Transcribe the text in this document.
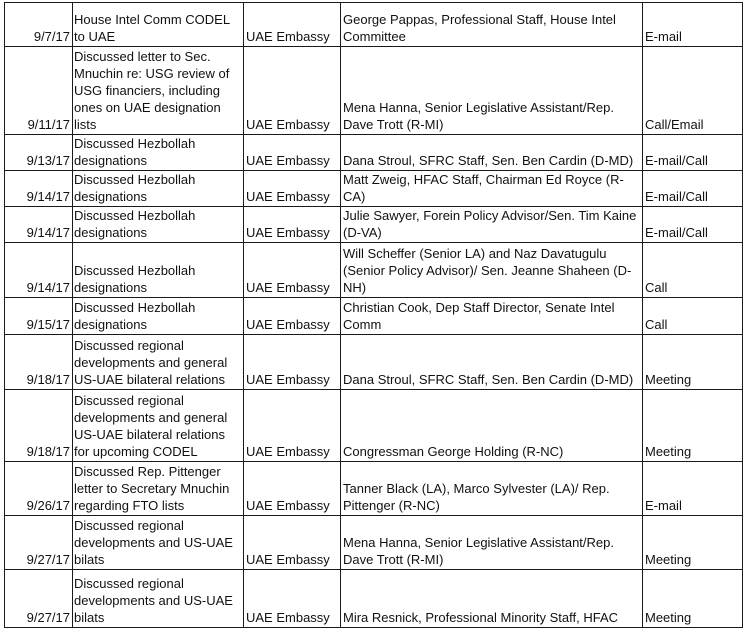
9/7/17	House Intel Comm CODEL to UAE	UAE Embassy	George Pappas, Professional Staff, House Intel Committee	E-mail
9/11/17	Discussed letter to Sec. Mnuchin re: USG review of USG financiers, including ones on UAE designation lists	UAE Embassy	Mena Hanna, Senior Legislative Assistant/Rep. Dave Trott (R-MI)	Call/Email
9/13/17	Discussed Hezbollah designations	UAE Embassy	Dana Stroul, SFRC Staff, Sen. Ben Cardin (D-MD)	E-mail/Call
9/14/17	Discussed Hezbollah designations	UAE Embassy	Matt Zweig, HFAC Staff, Chairman Ed Royce (R-CA)	E-mail/Call
9/14/17	Discussed Hezbollah designations	UAE Embassy	Julie Sawyer, Forein Policy Advisor/Sen. Tim Kaine (D-VA)	E-mail/Call
9/14/17	Discussed Hezbollah designations	UAE Embassy	Will Scheffer (Senior LA) and Naz Davatugulu (Senior Policy Advisor)/ Sen. Jeanne Shaheen (D-NH)	Call
9/15/17	Discussed Hezbollah designations	UAE Embassy	Christian Cook, Dep Staff Director, Senate Intel Comm	Call
9/18/17	Discussed regional developments and general US-UAE bilateral relations	UAE Embassy	Dana Stroul, SFRC Staff, Sen. Ben Cardin (D-MD)	Meeting
9/18/17	Discussed regional developments and general US-UAE bilateral relations for upcoming CODEL	UAE Embassy	Congressman George Holding (R-NC)	Meeting
9/26/17	Discussed Rep. Pittenger letter to Secretary Mnuchin regarding FTO lists	UAE Embassy	Tanner Black (LA), Marco Sylvester (LA)/ Rep. Pittenger (R-NC)	E-mail
9/27/17	Discussed regional developments and US-UAE bilats	UAE Embassy	Mena Hanna, Senior Legislative Assistant/Rep. Dave Trott (R-MI)	Meeting
9/27/17	Discussed regional developments and US-UAE bilats	UAE Embassy	Mira Resnick, Professional Minority Staff, HFAC	Meeting
